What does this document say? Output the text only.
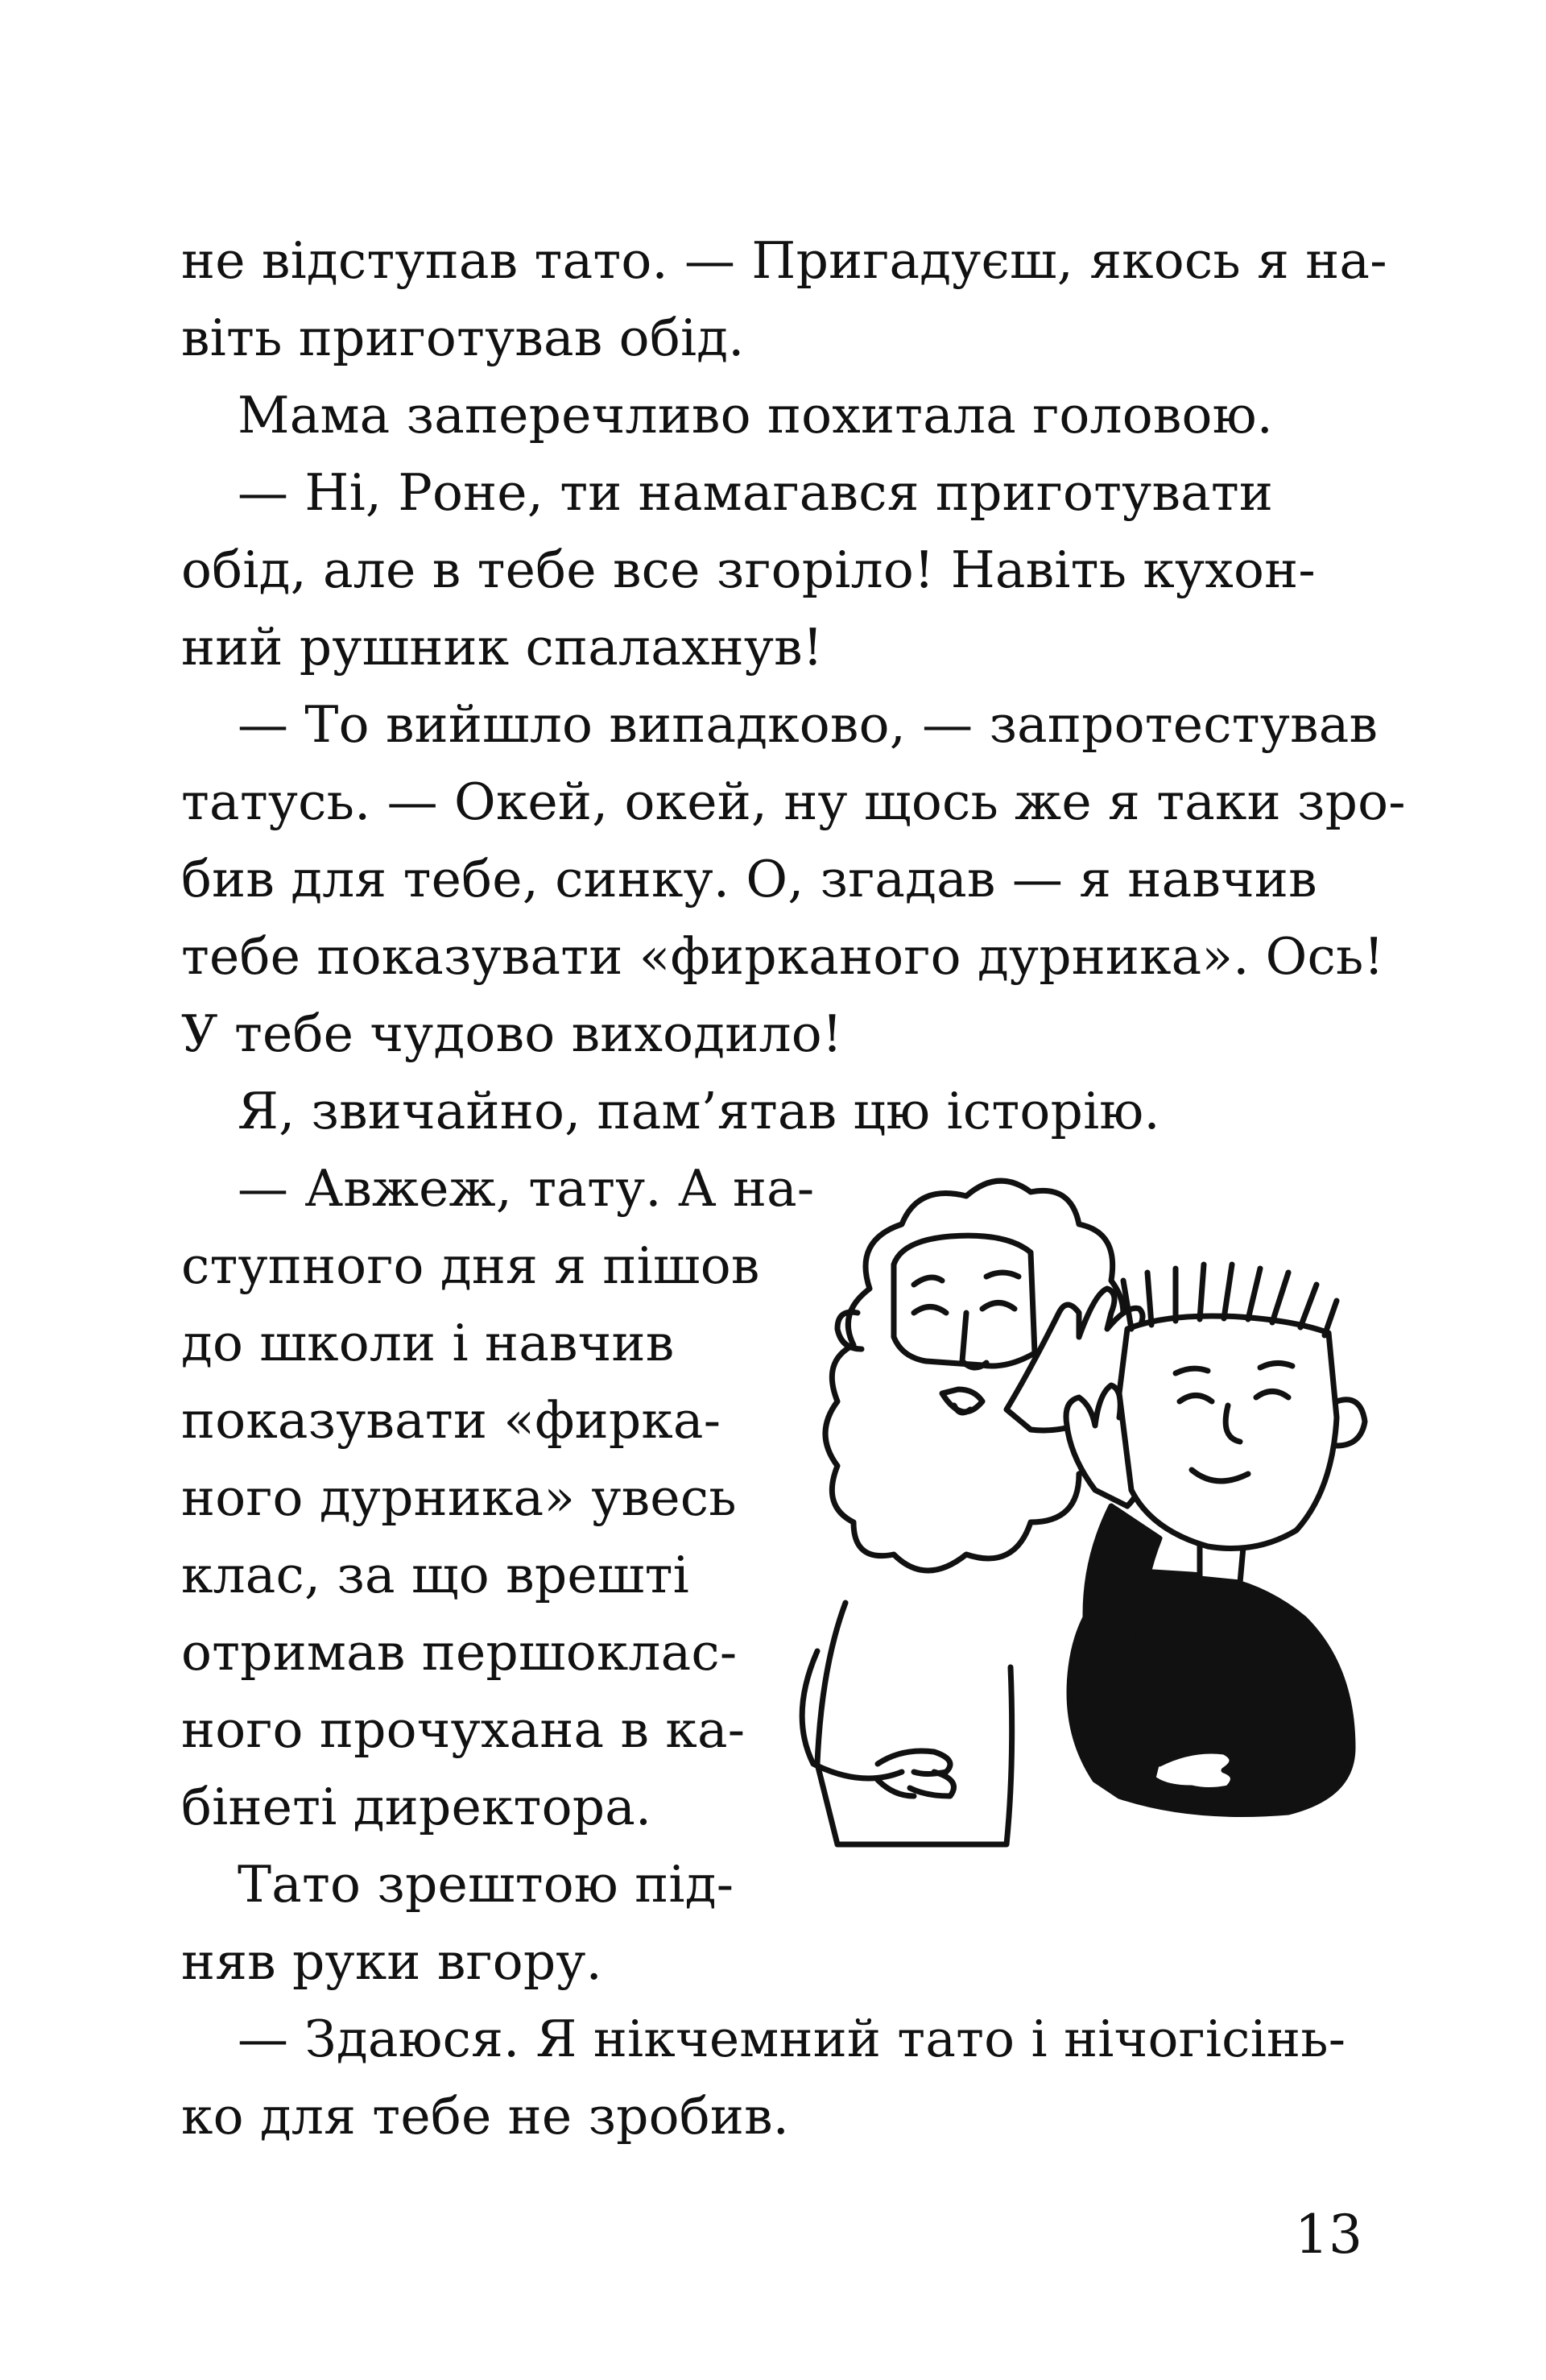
не відступав тато. — Пригадуєш, якось я на-
віть приготував обід.
Мама заперечливо похитала головою.
— Ні, Роне, ти намагався приготувати
обід, але в тебе все згоріло! Навіть кухон-
ний рушник спалахнув!
— То вийшло випадково, — запротестував
татусь. — Окей, окей, ну щось же я таки зро-
бив для тебе, синку. О, згадав — я навчив
тебе показувати «фирканого дурника». Ось!
У тебе чудово виходило!
Я, звичайно, пам’ятав цю історію.
— Авжеж, тату. А на-
ступного дня я пішов
до школи і навчив
показувати «фирка-
ного дурника» увесь
клас, за що врешті
отримав першоклас-
ного прочухана в ка-
бінеті директора.
Тато зрештою під-
няв руки вгору.
— Здаюся. Я нікчемний тато і нічогісінь-
ко для тебе не зробив.
13
